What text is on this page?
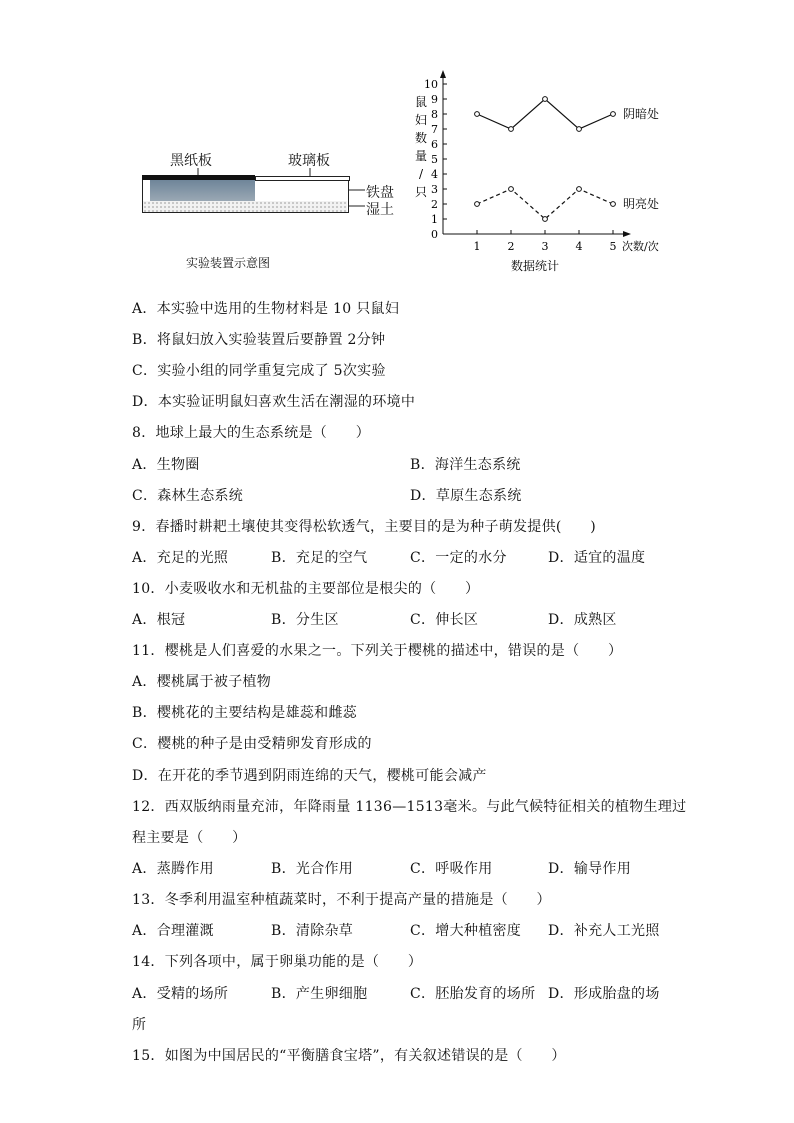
黑纸板	玻璃板
铁盘
湿土
实验装置示意图
鼠
妇
数
量
/
只
0
1
2
3
4
5
6
7
8
9
10
1 2 3 4 5
阴暗处
明亮处
次数/次
数据统计
A．本实验中选用的生物材料是 10 只鼠妇
B．将鼠妇放入实验装置后要静置 2分钟
C．实验小组的同学重复完成了 5次实验
D．本实验证明鼠妇喜欢生活在潮湿的环境中
8．地球上最大的生态系统是（　　）
A．生物圈	B．海洋生态系统
C．森林生态系统	D．草原生态系统
9．春播时耕耙土壤使其变得松软透气，主要目的是为种子萌发提供(　　)
A．充足的光照	B．充足的空气	C．一定的水分	D．适宜的温度
10．小麦吸收水和无机盐的主要部位是根尖的（　　）
A．根冠	B．分生区	C．伸长区	D．成熟区
11．樱桃是人们喜爱的水果之一。下列关于樱桃的描述中，错误的是（　　）
A．樱桃属于被子植物
B．樱桃花的主要结构是雄蕊和雌蕊
C．樱桃的种子是由受精卵发育形成的
D．在开花的季节遇到阴雨连绵的天气，樱桃可能会减产
12．西双版纳雨量充沛，年降雨量 1136—1513毫米。与此气候特征相关的植物生理过
程主要是（　　）
A．蒸腾作用	B．光合作用	C．呼吸作用	D．输导作用
13．冬季利用温室种植蔬菜时，不利于提高产量的措施是（　　）
A．合理灌溉	B．清除杂草	C．增大种植密度 D．补充人工光照
14．下列各项中，属于卵巢功能的是（　　）
A．受精的场所	B．产生卵细胞	C．胚胎发育的场所 D．形成胎盘的场
所
15．如图为中国居民的“平衡膳食宝塔”，有关叙述错误的是（　　）
